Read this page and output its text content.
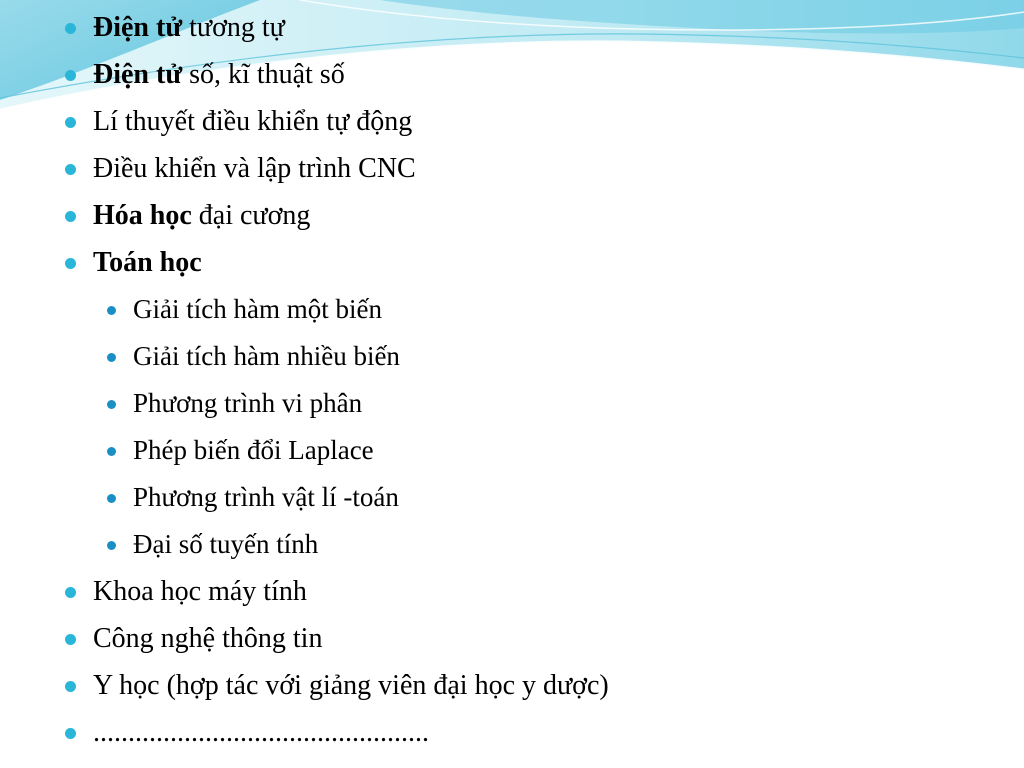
Điện tử tương tự
Điện tử số, kĩ thuật số
Lí thuyết điều khiển tự động
Điều khiển và lập trình CNC
Hóa học đại cương
Toán học
Giải tích hàm một biến
Giải tích hàm nhiều biến
Phương trình vi phân
Phép biến đổi Laplace
Phương trình vật lí -toán
Đại số tuyến tính
Khoa học máy tính
Công nghệ thông tin
Y học (hợp tác với giảng viên đại học y dược)
................................................
